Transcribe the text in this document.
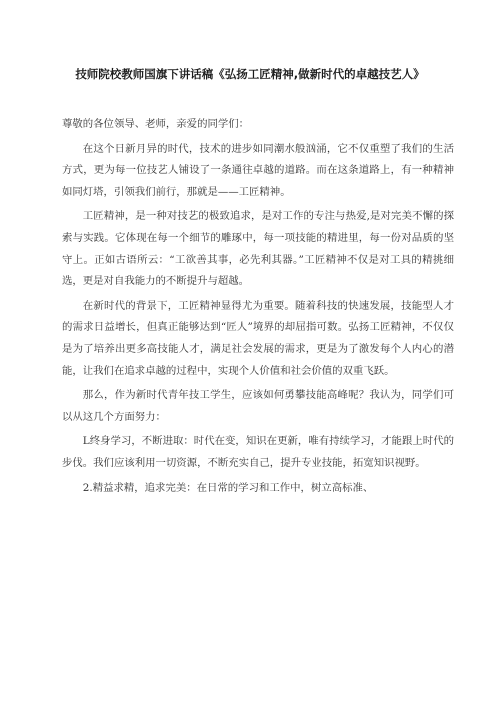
技师院校教师国旗下讲话稿《弘扬工匠精神,做新时代的卓越技艺人》

尊敬的各位领导、老师，亲爱的同学们：

在这个日新月异的时代，技术的进步如同潮水般汹涌，它不仅重塑了我们的生活方式，更为每一位技艺人铺设了一条通往卓越的道路。而在这条道路上，有一种精神如同灯塔，引领我们前行，那就是——工匠精神。

工匠精神，是一种对技艺的极致追求，是对工作的专注与热爱,是对完美不懈的探索与实践。它体现在每一个细节的雕琢中，每一项技能的精进里，每一份对品质的坚守上。正如古语所云：“工欲善其事，必先利其器。”工匠精神不仅是对工具的精挑细选，更是对自我能力的不断提升与超越。

在新时代的背景下，工匠精神显得尤为重要。随着科技的快速发展，技能型人才的需求日益增长，但真正能够达到“匠人”境界的却屈指可数。弘扬工匠精神，不仅仅是为了培养出更多高技能人才，满足社会发展的需求，更是为了激发每个人内心的潜能，让我们在追求卓越的过程中，实现个人价值和社会价值的双重飞跃。

那么，作为新时代青年技工学生，应该如何勇攀技能高峰呢？我认为，同学们可以从这几个方面努力：

L终身学习，不断进取：时代在变，知识在更新，唯有持续学习，才能跟上时代的步伐。我们应该利用一切资源，不断充实自己，提升专业技能，拓宽知识视野。

2.精益求精，追求完美：在日常的学习和工作中，树立高标准、
